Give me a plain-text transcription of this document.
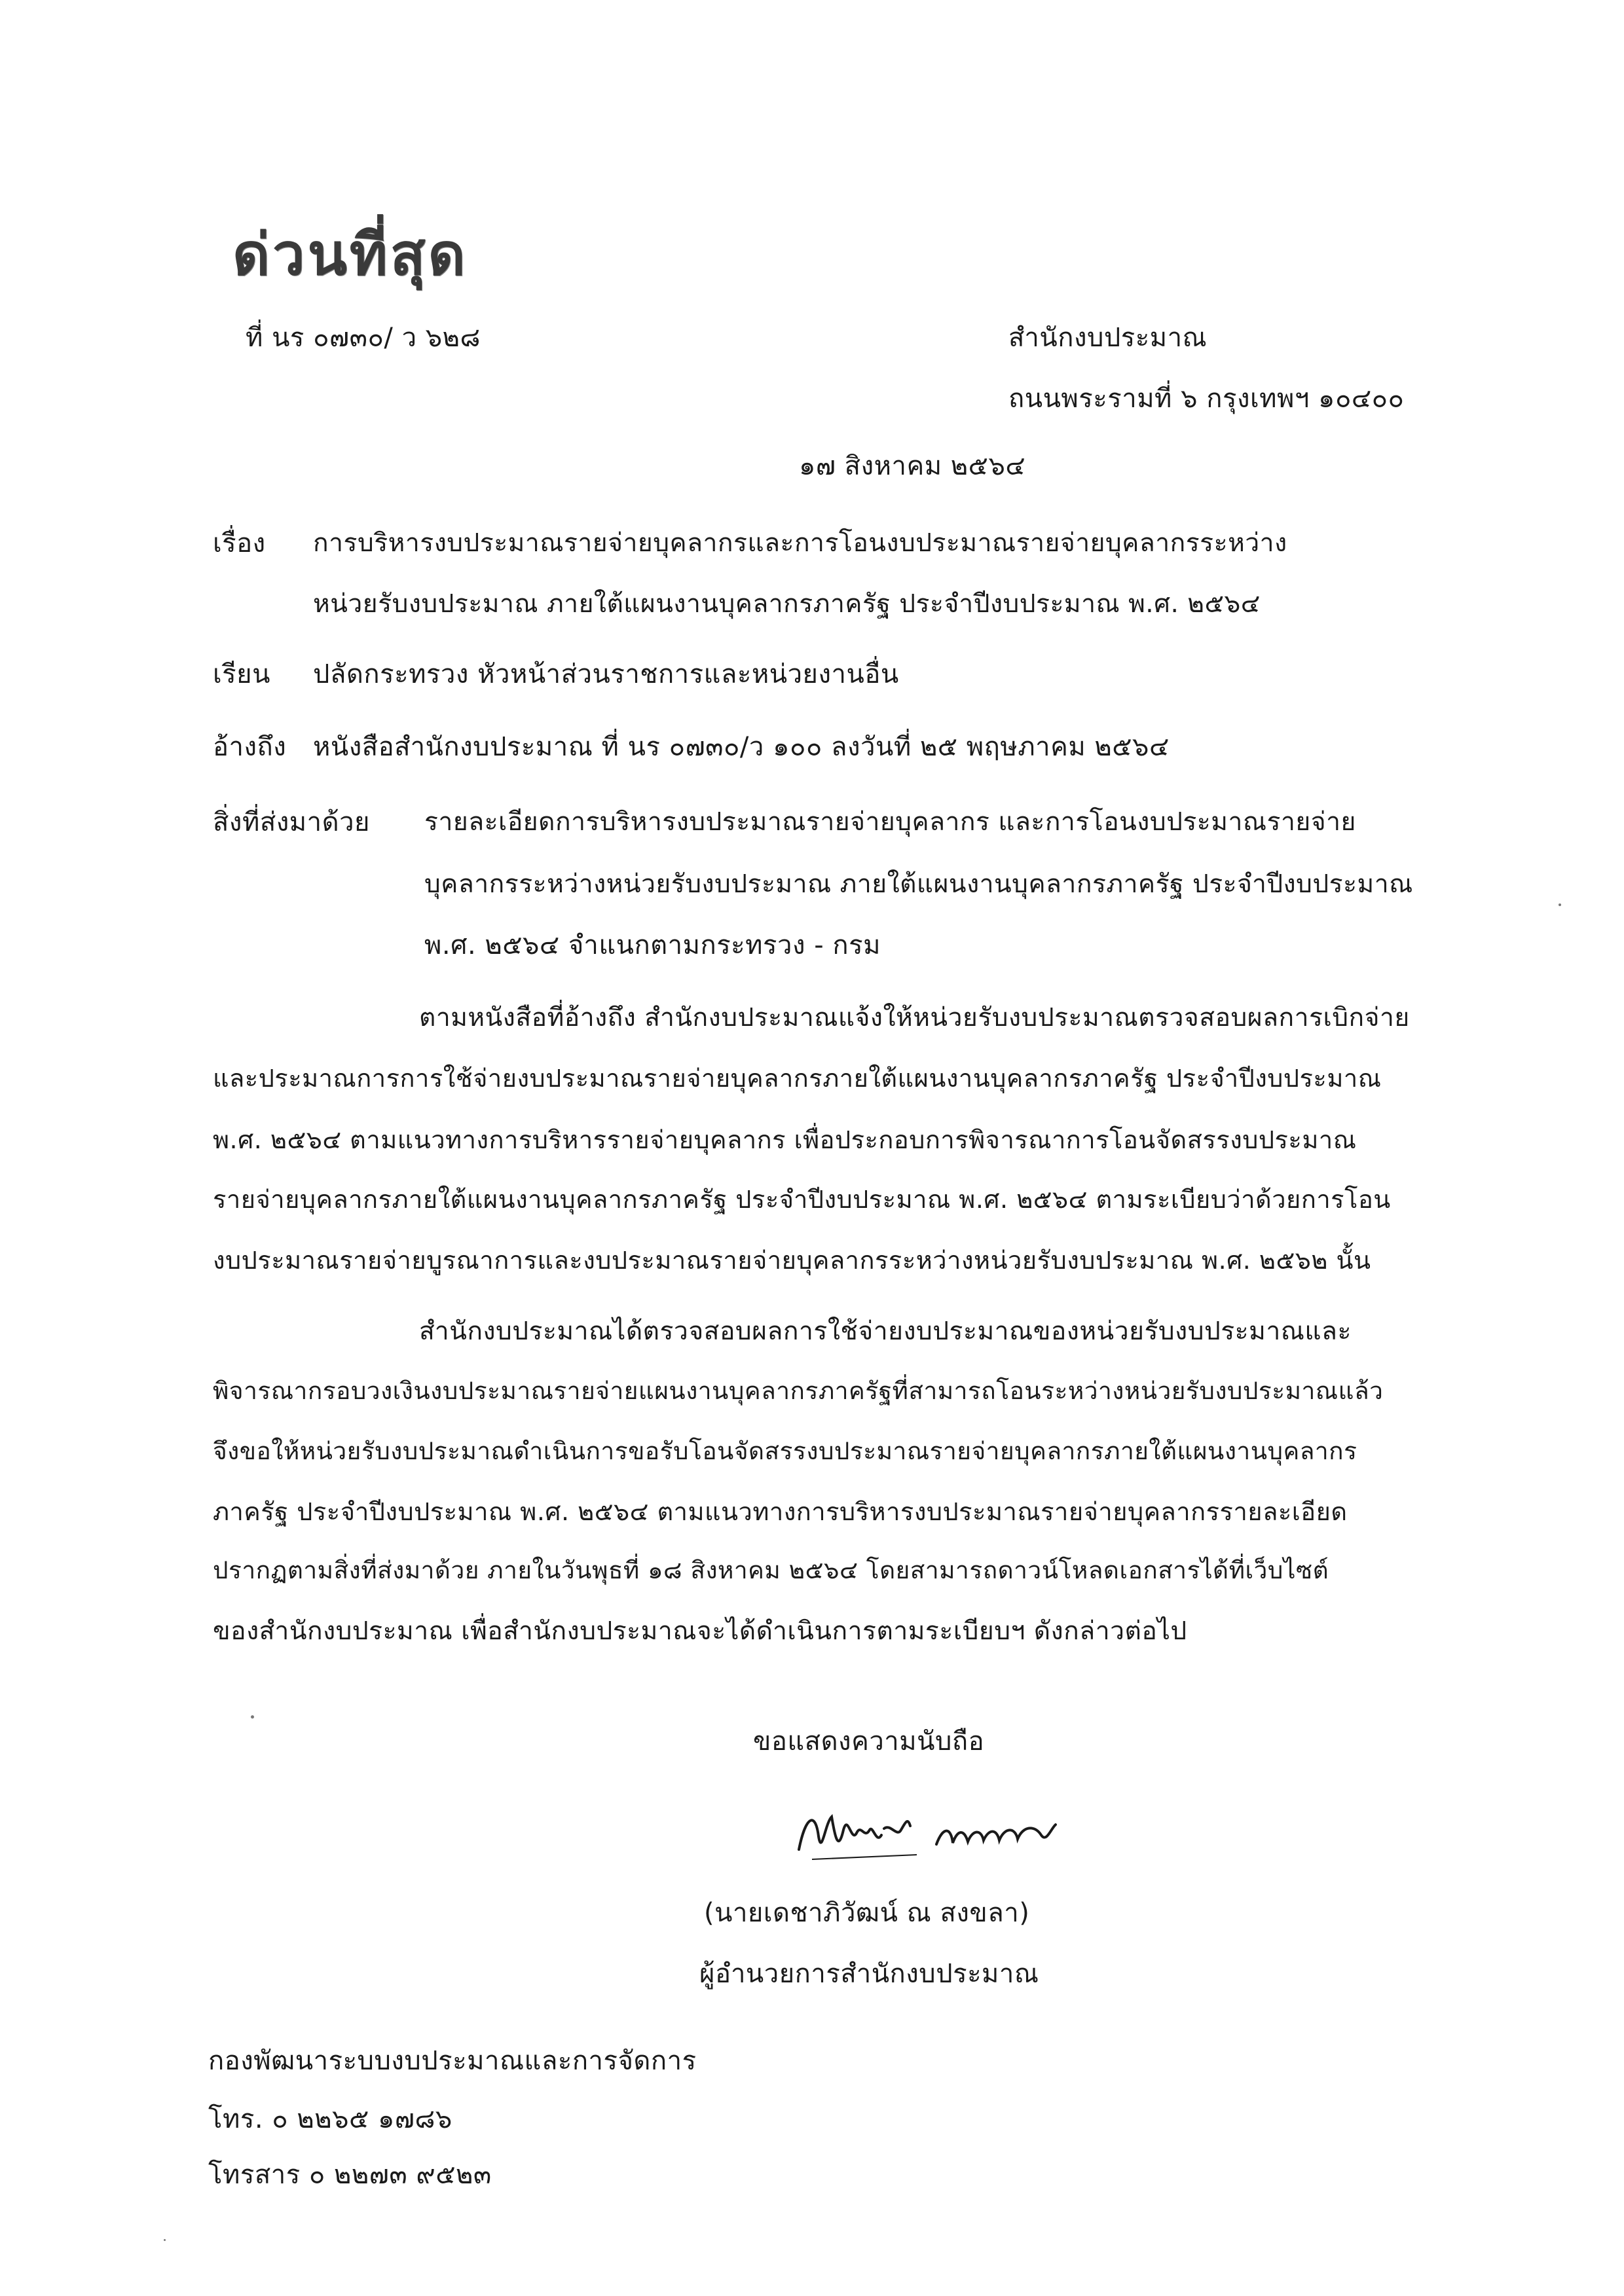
ด่วนที่สุด
ที่ นร ๐๗๓๐/ ว ๖๒๘	สำนักงบประมาณ
ถนนพระรามที่ ๖ กรุงเทพฯ ๑๐๔๐๐
๑๗ สิงหาคม ๒๕๖๔
เรื่อง การบริหารงบประมาณรายจ่ายบุคลากรและการโอนงบประมาณรายจ่ายบุคลากรระหว่าง
หน่วยรับงบประมาณ ภายใต้แผนงานบุคลากรภาครัฐ ประจำปีงบประมาณ พ.ศ. ๒๕๖๔
เรียน ปลัดกระทรวง หัวหน้าส่วนราชการและหน่วยงานอื่น
อ้างถึง หนังสือสำนักงบประมาณ ที่ นร ๐๗๓๐/ว ๑๐๐ ลงวันที่ ๒๕ พฤษภาคม ๒๕๖๔
สิ่งที่ส่งมาด้วย รายละเอียดการบริหารงบประมาณรายจ่ายบุคลากร และการโอนงบประมาณรายจ่าย
บุคลากรระหว่างหน่วยรับงบประมาณ ภายใต้แผนงานบุคลากรภาครัฐ ประจำปีงบประมาณ
พ.ศ. ๒๕๖๔ จำแนกตามกระทรวง - กรม
ตามหนังสือที่อ้างถึง สำนักงบประมาณแจ้งให้หน่วยรับงบประมาณตรวจสอบผลการเบิกจ่าย
และประมาณการการใช้จ่ายงบประมาณรายจ่ายบุคลากรภายใต้แผนงานบุคลากรภาครัฐ ประจำปีงบประมาณ
พ.ศ. ๒๕๖๔ ตามแนวทางการบริหารรายจ่ายบุคลากร เพื่อประกอบการพิจารณาการโอนจัดสรรงบประมาณ
รายจ่ายบุคลากรภายใต้แผนงานบุคลากรภาครัฐ ประจำปีงบประมาณ พ.ศ. ๒๕๖๔ ตามระเบียบว่าด้วยการโอน
งบประมาณรายจ่ายบูรณาการและงบประมาณรายจ่ายบุคลากรระหว่างหน่วยรับงบประมาณ พ.ศ. ๒๕๖๒ นั้น
สำนักงบประมาณได้ตรวจสอบผลการใช้จ่ายงบประมาณของหน่วยรับงบประมาณและ
พิจารณากรอบวงเงินงบประมาณรายจ่ายแผนงานบุคลากรภาครัฐที่สามารถโอนระหว่างหน่วยรับงบประมาณแล้ว
จึงขอให้หน่วยรับงบประมาณดำเนินการขอรับโอนจัดสรรงบประมาณรายจ่ายบุคลากรภายใต้แผนงานบุคลากร
ภาครัฐ ประจำปีงบประมาณ พ.ศ. ๒๕๖๔ ตามแนวทางการบริหารงบประมาณรายจ่ายบุคลากรรายละเอียด
ปรากฏตามสิ่งที่ส่งมาด้วย ภายในวันพุธที่ ๑๘ สิงหาคม ๒๕๖๔ โดยสามารถดาวน์โหลดเอกสารได้ที่เว็บไซต์
ของสำนักงบประมาณ เพื่อสำนักงบประมาณจะได้ดำเนินการตามระเบียบฯ ดังกล่าวต่อไป
ขอแสดงความนับถือ
(นายเดชาภิวัฒน์ ณ สงขลา)
ผู้อำนวยการสำนักงบประมาณ
กองพัฒนาระบบงบประมาณและการจัดการ
โทร. ๐ ๒๒๖๕ ๑๗๘๖
โทรสาร ๐ ๒๒๗๓ ๙๕๒๓
